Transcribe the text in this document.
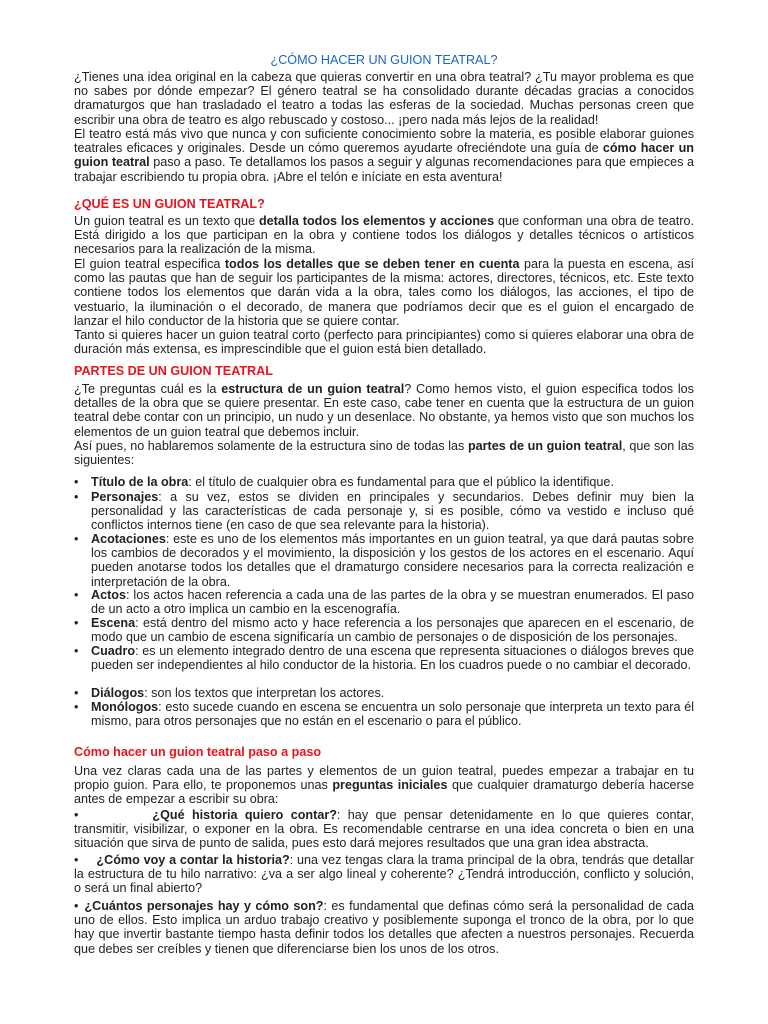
¿CÓMO HACER UN GUION TEATRAL?

¿Tienes una idea original en la cabeza que quieras convertir en una obra teatral? ¿Tu mayor problema es que no sabes por dónde empezar? El género teatral se ha consolidado durante décadas gracias a conocidos dramaturgos que han trasladado el teatro a todas las esferas de la sociedad. Muchas personas creen que escribir una obra de teatro es algo rebuscado y costoso... ¡pero nada más lejos de la realidad!

El teatro está más vivo que nunca y con suficiente conocimiento sobre la materia, es posible elaborar guiones teatrales eficaces y originales. Desde un cómo queremos ayudarte ofreciéndote una guía de cómo hacer un guion teatral paso a paso. Te detallamos los pasos a seguir y algunas recomendaciones para que empieces a trabajar escribiendo tu propia obra. ¡Abre el telón e iníciate en esta aventura!

¿QUÉ ES UN GUION TEATRAL?

Un guion teatral es un texto que detalla todos los elementos y acciones que conforman una obra de teatro. Está dirigido a los que participan en la obra y contiene todos los diálogos y detalles técnicos o artísticos necesarios para la realización de la misma.

El guion teatral especifica todos los detalles que se deben tener en cuenta para la puesta en escena, así como las pautas que han de seguir los participantes de la misma: actores, directores, técnicos, etc. Este texto contiene todos los elementos que darán vida a la obra, tales como los diálogos, las acciones, el tipo de vestuario, la iluminación o el decorado, de manera que podríamos decir que es el guion el encargado de lanzar el hilo conductor de la historia que se quiere contar.

Tanto si quieres hacer un guion teatral corto (perfecto para principiantes) como si quieres elaborar una obra de duración más extensa, es imprescindible que el guion está bien detallado.

PARTES DE UN GUION TEATRAL

¿Te preguntas cuál es la estructura de un guion teatral? Como hemos visto, el guion especifica todos los detalles de la obra que se quiere presentar. En este caso, cabe tener en cuenta que la estructura de un guion teatral debe contar con un principio, un nudo y un desenlace. No obstante, ya hemos visto que son muchos los elementos de un guion teatral que debemos incluir.

Así pues, no hablaremos solamente de la estructura sino de todas las partes de un guion teatral, que son las siguientes:

• Título de la obra: el título de cualquier obra es fundamental para que el público la identifique.

• Personajes: a su vez, estos se dividen en principales y secundarios. Debes definir muy bien la personalidad y las características de cada personaje y, si es posible, cómo va vestido e incluso qué conflictos internos tiene (en caso de que sea relevante para la historia).

• Acotaciones: este es uno de los elementos más importantes en un guion teatral, ya que dará pautas sobre los cambios de decorados y el movimiento, la disposición y los gestos de los actores en el escenario. Aquí pueden anotarse todos los detalles que el dramaturgo considere necesarios para la correcta realización e interpretación de la obra.

• Actos: los actos hacen referencia a cada una de las partes de la obra y se muestran enumerados. El paso de un acto a otro implica un cambio en la escenografía.

• Escena: está dentro del mismo acto y hace referencia a los personajes que aparecen en el escenario, de modo que un cambio de escena significaría un cambio de personajes o de disposición de los personajes.

• Cuadro: es un elemento integrado dentro de una escena que representa situaciones o diálogos breves que pueden ser independientes al hilo conductor de la historia. En los cuadros puede o no cambiar el decorado.

• Diálogos: son los textos que interpretan los actores.

• Monólogos: esto sucede cuando en escena se encuentra un solo personaje que interpreta un texto para él mismo, para otros personajes que no están en el escenario o para el público.

Cómo hacer un guion teatral paso a paso

Una vez claras cada una de las partes y elementos de un guion teatral, puedes empezar a trabajar en tu propio guion. Para ello, te proponemos unas preguntas iniciales que cualquier dramaturgo debería hacerse antes de empezar a escribir su obra:

•	¿Qué historia quiero contar?: hay que pensar detenidamente en lo que quieres contar, transmitir, visibilizar, o exponer en la obra. Es recomendable centrarse en una idea concreta o bien en una situación que sirva de punto de salida, pues esto dará mejores resultados que una gran idea abstracta.

• ¿Cómo voy a contar la historia?: una vez tengas clara la trama principal de la obra, tendrás que detallar la estructura de tu hilo narrativo: ¿va a ser algo lineal y coherente? ¿Tendrá introducción, conflicto y solución, o será un final abierto?

• ¿Cuántos personajes hay y cómo son?: es fundamental que definas cómo será la personalidad de cada uno de ellos. Esto implica un arduo trabajo creativo y posiblemente suponga el tronco de la obra, por lo que hay que invertir bastante tiempo hasta definir todos los detalles que afecten a nuestros personajes. Recuerda que debes ser creíbles y tienen que diferenciarse bien los unos de los otros.
